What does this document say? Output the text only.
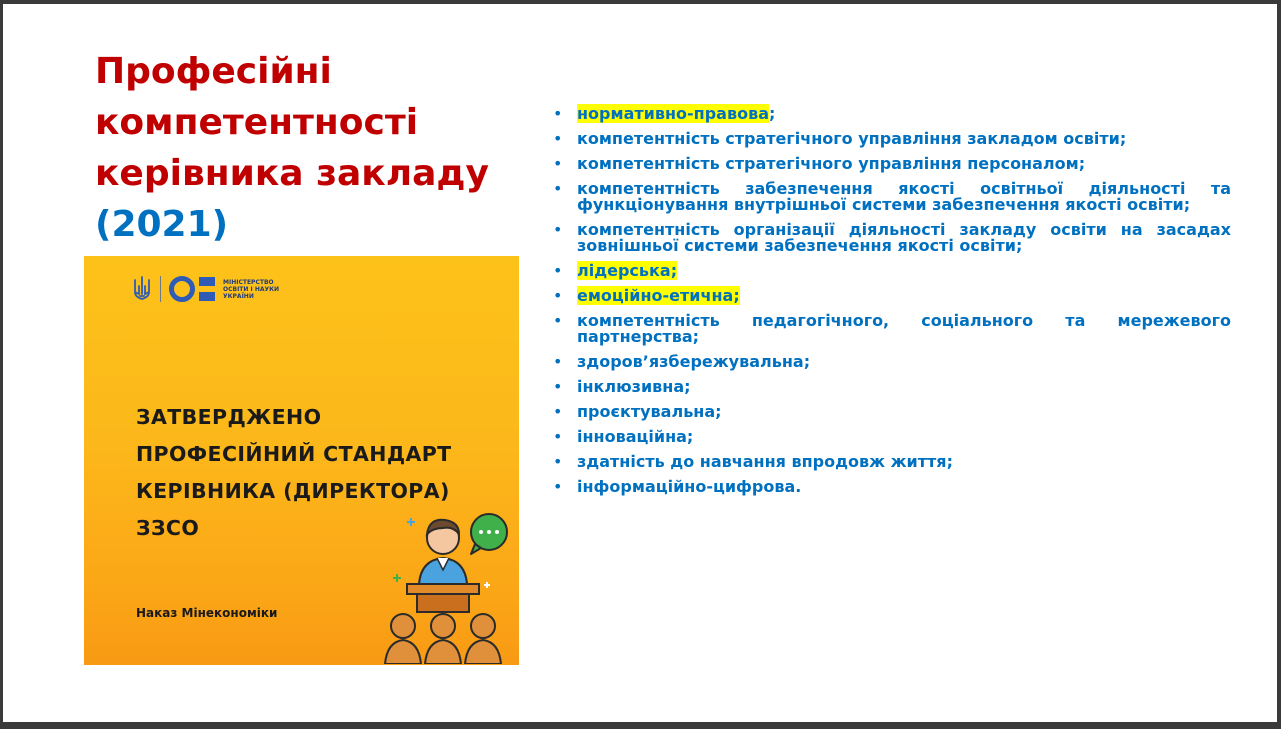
Професійні
компетентності
керівника закладу
(2021)
МІНІСТЕРСТВО
ОСВІТИ І НАУКИ
УКРАЇНИ
ЗАТВЕРДЖЕНО
ПРОФЕСІЙНИЙ СТАНДАРТ
КЕРІВНИКА (ДИРЕКТОРА)
ЗЗСО
Наказ Мінекономіки
• нормативно-правова;
• компетентність стратегічного управління закладом освіти;
• компетентність стратегічного управління персоналом;
• компетентність забезпечення якості освітньої діяльності та функціонування внутрішньої системи забезпечення якості освіти;
• компетентність організації діяльності закладу освіти на засадах зовнішньої системи забезпечення якості освіти;
• лідерська;
• емоційно-етична;
• компетентність педагогічного, соціального та мережевого партнерства;
• здоров’язбережувальна;
• інклюзивна;
• проєктувальна;
• інноваційна;
• здатність до навчання впродовж життя;
• інформаційно-цифрова.
